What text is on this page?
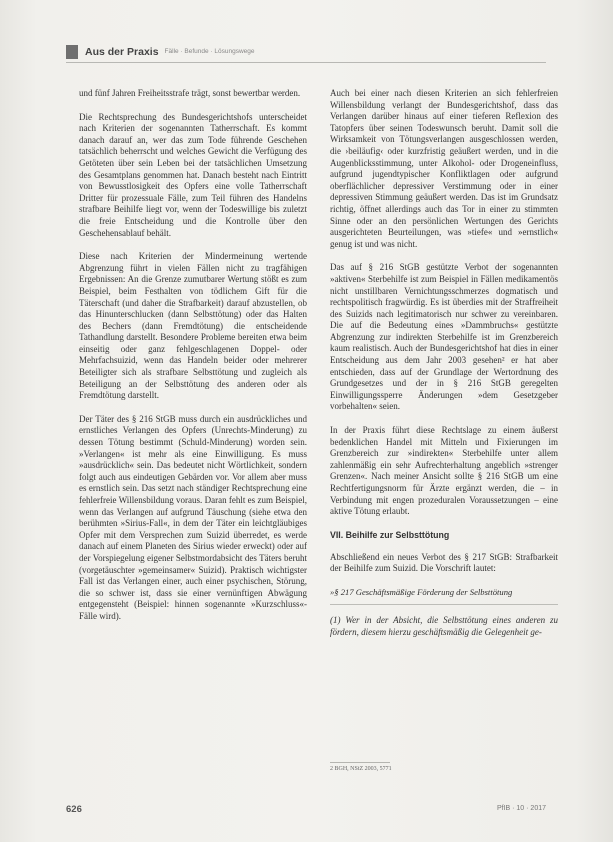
Aus der Praxis Fälle · Befunde · Lösungswege

und fünf Jahren Freiheitsstrafe trägt, sonst bewertbar werden.

Die Rechtsprechung des Bundesgerichtshofs unterscheidet nach Kriterien der sogenannten Tatherrschaft. Es kommt danach darauf an, wer das zum Tode führende Geschehen tatsächlich beherrscht und welches Gewicht die Verfügung des Getöteten über sein Leben bei der tatsächlichen Umsetzung des Gesamtplans genommen hat. Danach besteht nach Eintritt von Bewusstlosigkeit des Opfers eine volle Tatherrschaft Dritter für prozessuale Fälle, zum Teil führen des Handelns strafbare Beihilfe liegt vor, wenn der Todeswillige bis zuletzt die freie Entscheidung und die Kontrolle über den Geschehensablauf behält.

Diese nach Kriterien der Mindermeinung wertende Abgrenzung führt in vielen Fällen nicht zu tragfähigen Ergebnissen: An die Grenze zumutbarer Wertung stößt es zum Beispiel, beim Festhalten von tödlichem Gift für die Täterschaft (und daher die Strafbarkeit) darauf abzustellen, ob das Hinunterschlucken (dann Selbsttötung) oder das Halten des Bechers (dann Fremdtötung) die entscheidende Tathandlung darstellt. Besondere Probleme bereiten etwa beim einseitig oder ganz fehlgeschlagenen Doppel- oder Mehrfachsuizid, wenn das Handeln beider oder mehrerer Beteiligter sich als strafbare Selbsttötung und zugleich als Beteiligung an der Selbsttötung des anderen oder als Fremdtötung darstellt.

Der Täter des § 216 StGB muss durch ein ausdrückliches und ernstliches Verlangen des Opfers (Unrechts-Minderung) zu dessen Tötung bestimmt (Schuld-Minderung) worden sein. »Verlangen« ist mehr als eine Einwilligung. Es muss »ausdrücklich« sein. Das bedeutet nicht Wörtlichkeit, sondern folgt auch aus eindeutigen Gebärden vor. Vor allem aber muss es ernstlich sein. Das setzt nach ständiger Rechtsprechung eine fehlerfreie Willensbildung voraus. Daran fehlt es zum Beispiel, wenn das Verlangen auf aufgrund Täuschung (siehe etwa den berühmten »Sirius-Fall«, in dem der Täter ein leichtgläubiges Opfer mit dem Versprechen zum Suizid überredet, es werde danach auf einem Planeten des Sirius wieder erweckt) oder auf der Vorspiegelung eigener Selbstmordabsicht des Täters beruht (vorgetäuschter »gemeinsamer« Suizid). Praktisch wichtigster Fall ist das Verlangen einer, auch einer psychischen, Störung, die so schwer ist, dass sie einer vernünftigen Abwägung entgegensteht (Beispiel: hinnen sogenannte »Kurzschluss«-Fälle wird).

Auch bei einer nach diesen Kriterien an sich fehlerfreien Willensbildung verlangt der Bundesgerichtshof, dass das Verlangen darüber hinaus auf einer tieferen Reflexion des Tatopfers über seinen Todeswunsch beruht. Damit soll die Wirksamkeit von Tötungsverlangen ausgeschlossen werden, die ›beiläufig‹ oder kurzfristig geäußert werden, und in die Augenblicksstimmung, unter Alkohol- oder Drogeneinfluss, aufgrund jugendtypischer Konfliktlagen oder aufgrund oberflächlicher depressiver Verstimmung oder in einer depressiven Stimmung geäußert werden. Das ist im Grundsatz richtig, öffnet allerdings auch das Tor in einer zu stimmten Sinne oder an den persönlichen Wertungen des Gerichts ausgerichteten Beurteilungen, was »tiefe« und »ernstlich« genug ist und was nicht.

Das auf § 216 StGB gestützte Verbot der sogenannten »aktiven« Sterbehilfe ist zum Beispiel in Fällen medikamentös nicht unstillbaren Vernichtungsschmerzes dogmatisch und rechtspolitisch fragwürdig. Es ist überdies mit der Straffreiheit des Suizids nach legitimatorisch nur schwer zu vereinbaren. Die auf die Bedeutung eines »Dammbruchs« gestützte Abgrenzung zur indirekten Sterbehilfe ist im Grenzbereich kaum realistisch. Auch der Bundesgerichtshof hat dies in einer Entscheidung aus dem Jahr 2003 gesehen² er hat aber entschieden, dass auf der Grundlage der Wertordnung des Grundgesetzes und der in § 216 StGB geregelten Einwilligungssperre Änderungen »dem Gesetzgeber vorbehalten« seien.

In der Praxis führt diese Rechtslage zu einem äußerst bedenklichen Handel mit Mitteln und Fixierungen im Grenzbereich zur »indirekten« Sterbehilfe unter allem zahlenmäßig ein sehr Aufrechterhaltung angeblich »strenger Grenzen«. Nach meiner Ansicht sollte § 216 StGB um eine Rechtfertigungsnorm für Ärzte ergänzt werden, die – in Verbindung mit engen prozeduralen Voraussetzungen – eine aktive Tötung erlaubt.

VII. Beihilfe zur Selbsttötung

Abschließend ein neues Verbot des § 217 StGB: Strafbarkeit der Beihilfe zum Suizid. Die Vorschrift lautet:

»§ 217 Geschäftsmäßige Förderung der Selbsttötung

(1) Wer in der Absicht, die Selbsttötung eines anderen zu fördern, diesem hierzu geschäftsmäßig die Gelegenheit ge-

2 BGH, NStZ 2003, 5771
626	PfIB · 10 · 2017
